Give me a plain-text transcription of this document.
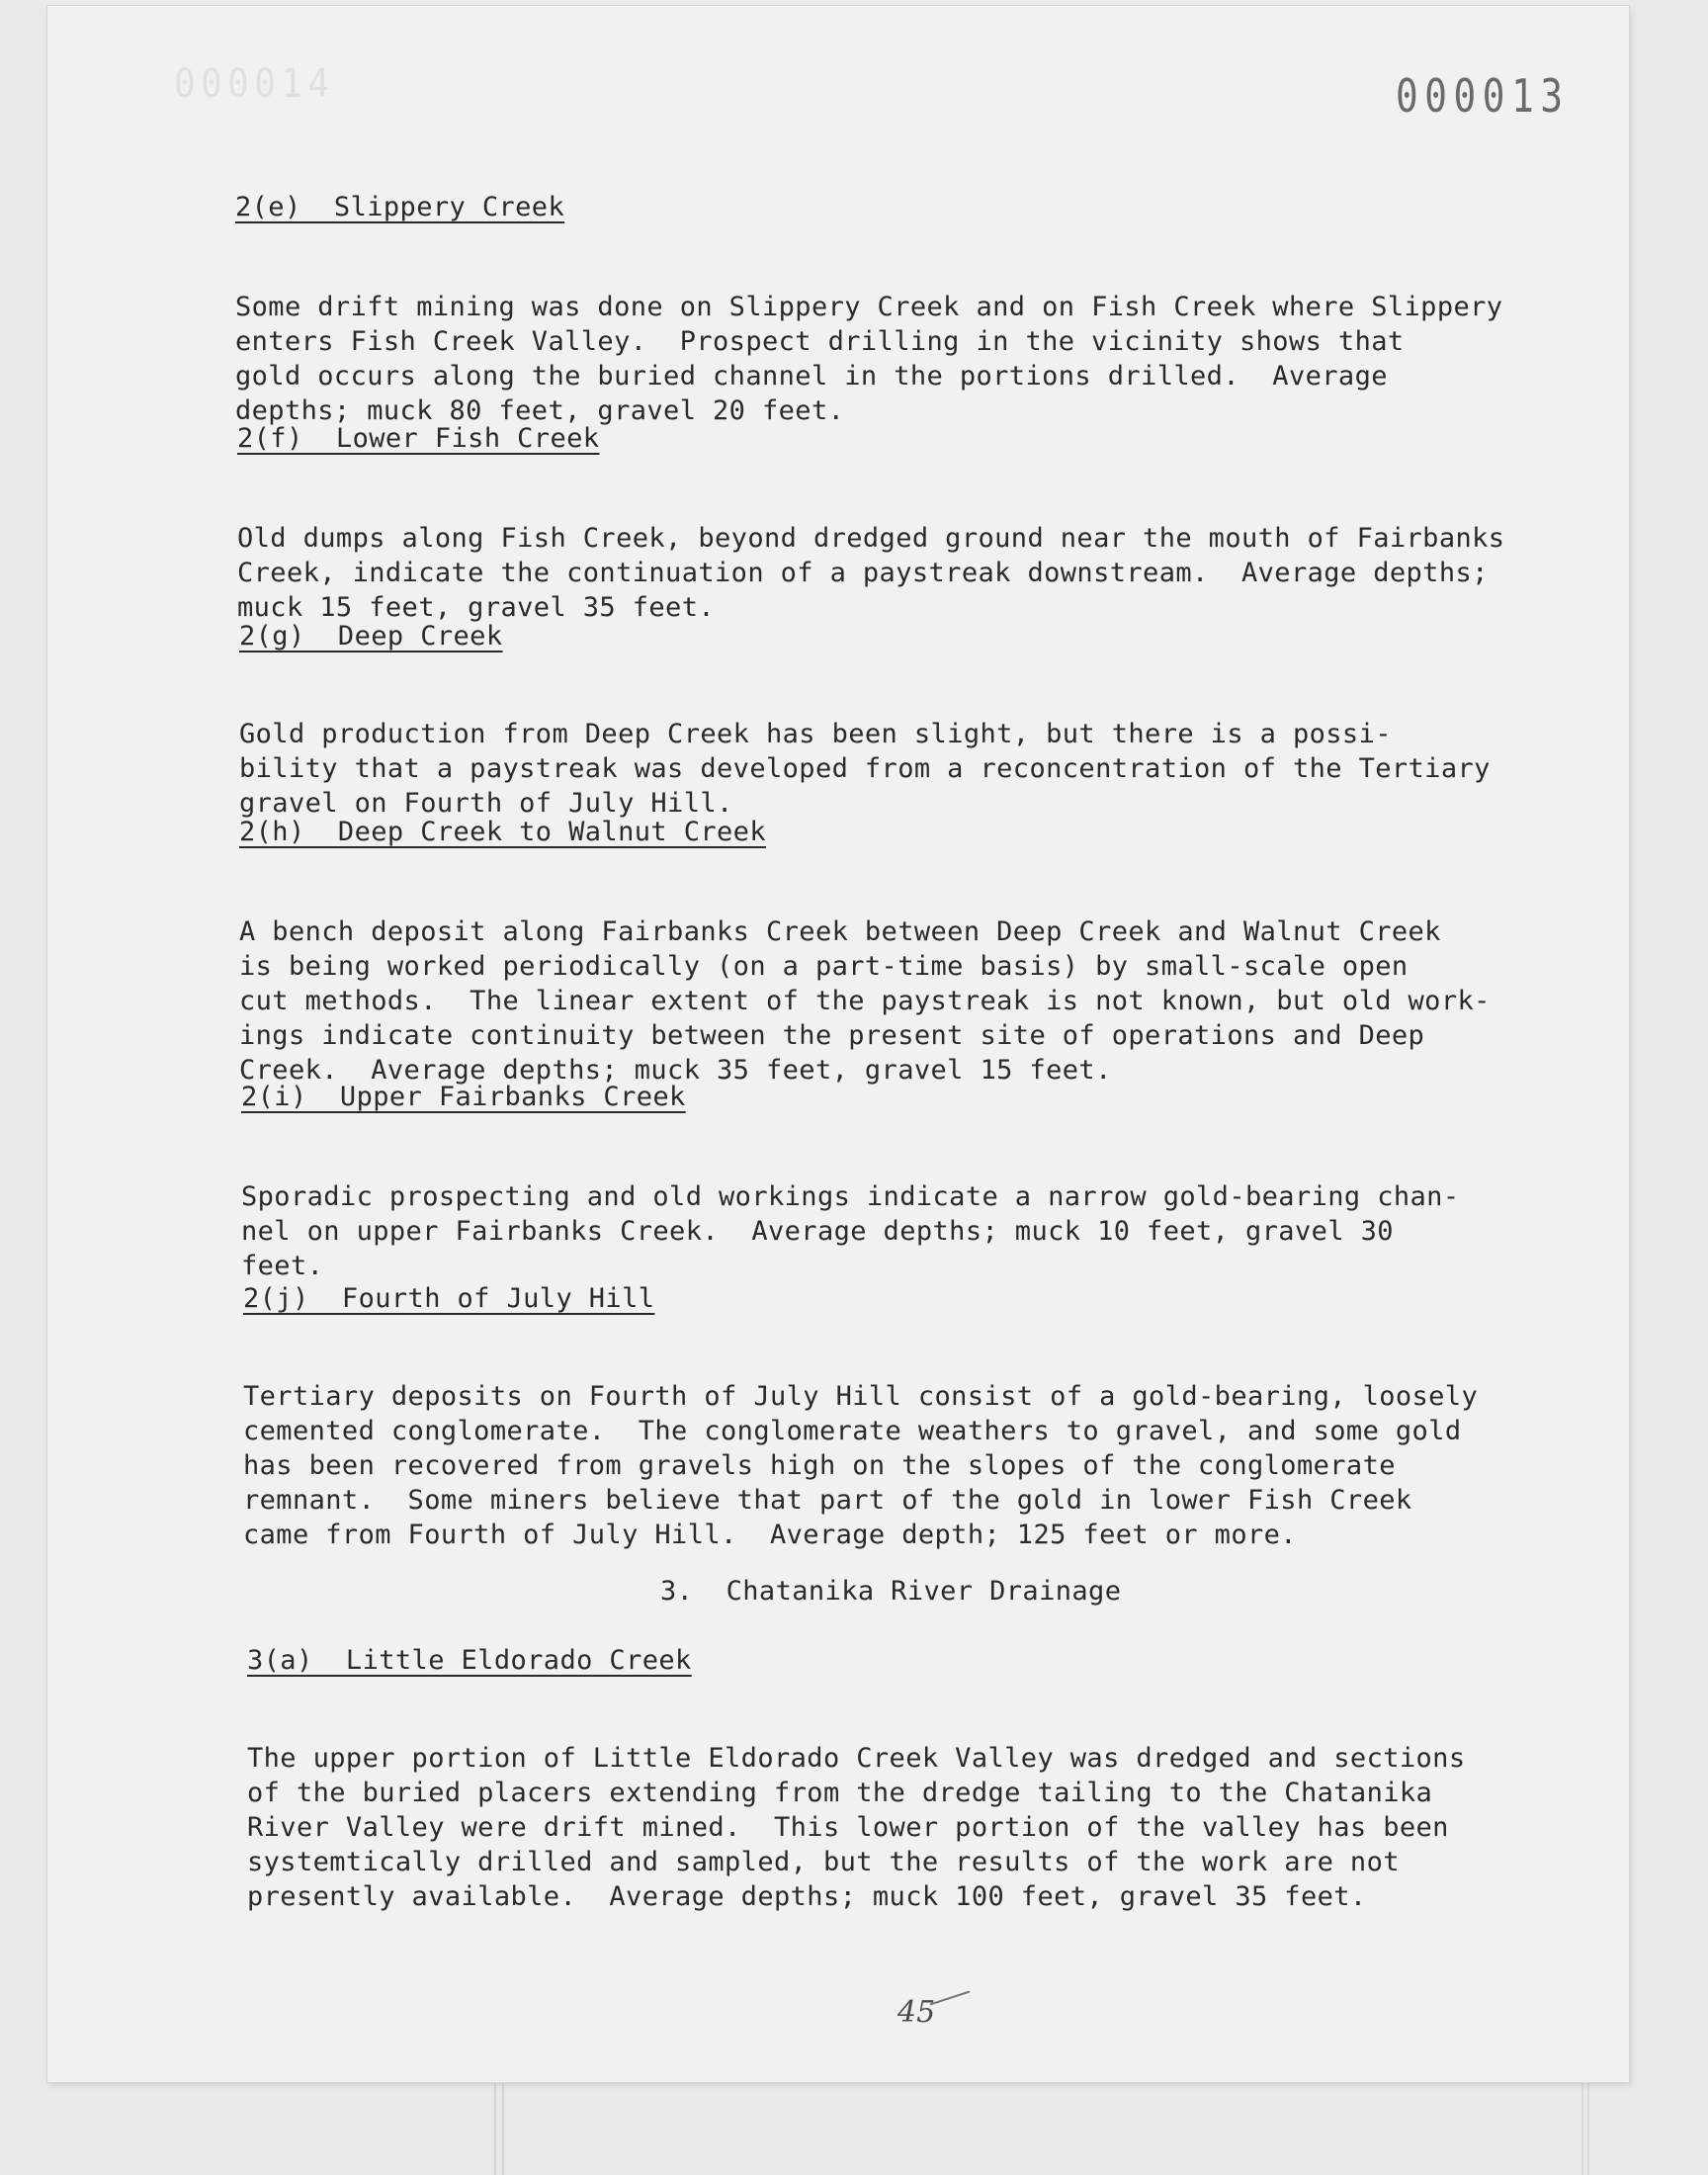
000014	000013
2(e)  Slippery Creek

Some drift mining was done on Slippery Creek and on Fish Creek where Slippery
enters Fish Creek Valley.  Prospect drilling in the vicinity shows that
gold occurs along the buried channel in the portions drilled.  Average
depths; muck 80 feet, gravel 20 feet.
2(f)  Lower Fish Creek

Old dumps along Fish Creek, beyond dredged ground near the mouth of Fairbanks
Creek, indicate the continuation of a paystreak downstream.  Average depths;
muck 15 feet, gravel 35 feet.
2(g)  Deep Creek

Gold production from Deep Creek has been slight, but there is a possi-
bility that a paystreak was developed from a reconcentration of the Tertiary
gravel on Fourth of July Hill.
2(h)  Deep Creek to Walnut Creek

A bench deposit along Fairbanks Creek between Deep Creek and Walnut Creek
is being worked periodically (on a part-time basis) by small-scale open
cut methods.  The linear extent of the paystreak is not known, but old work-
ings indicate continuity between the present site of operations and Deep
Creek.  Average depths; muck 35 feet, gravel 15 feet.
2(i)  Upper Fairbanks Creek

Sporadic prospecting and old workings indicate a narrow gold-bearing chan-
nel on upper Fairbanks Creek.  Average depths; muck 10 feet, gravel 30
feet.
2(j)  Fourth of July Hill

Tertiary deposits on Fourth of July Hill consist of a gold-bearing, loosely
cemented conglomerate.  The conglomerate weathers to gravel, and some gold
has been recovered from gravels high on the slopes of the conglomerate
remnant.  Some miners believe that part of the gold in lower Fish Creek
came from Fourth of July Hill.  Average depth; 125 feet or more.
3.  Chatanika River Drainage
3(a)  Little Eldorado Creek

The upper portion of Little Eldorado Creek Valley was dredged and sections
of the buried placers extending from the dredge tailing to the Chatanika
River Valley were drift mined.  This lower portion of the valley has been
systemtically drilled and sampled, but the results of the work are not
presently available.  Average depths; muck 100 feet, gravel 35 feet.
45
